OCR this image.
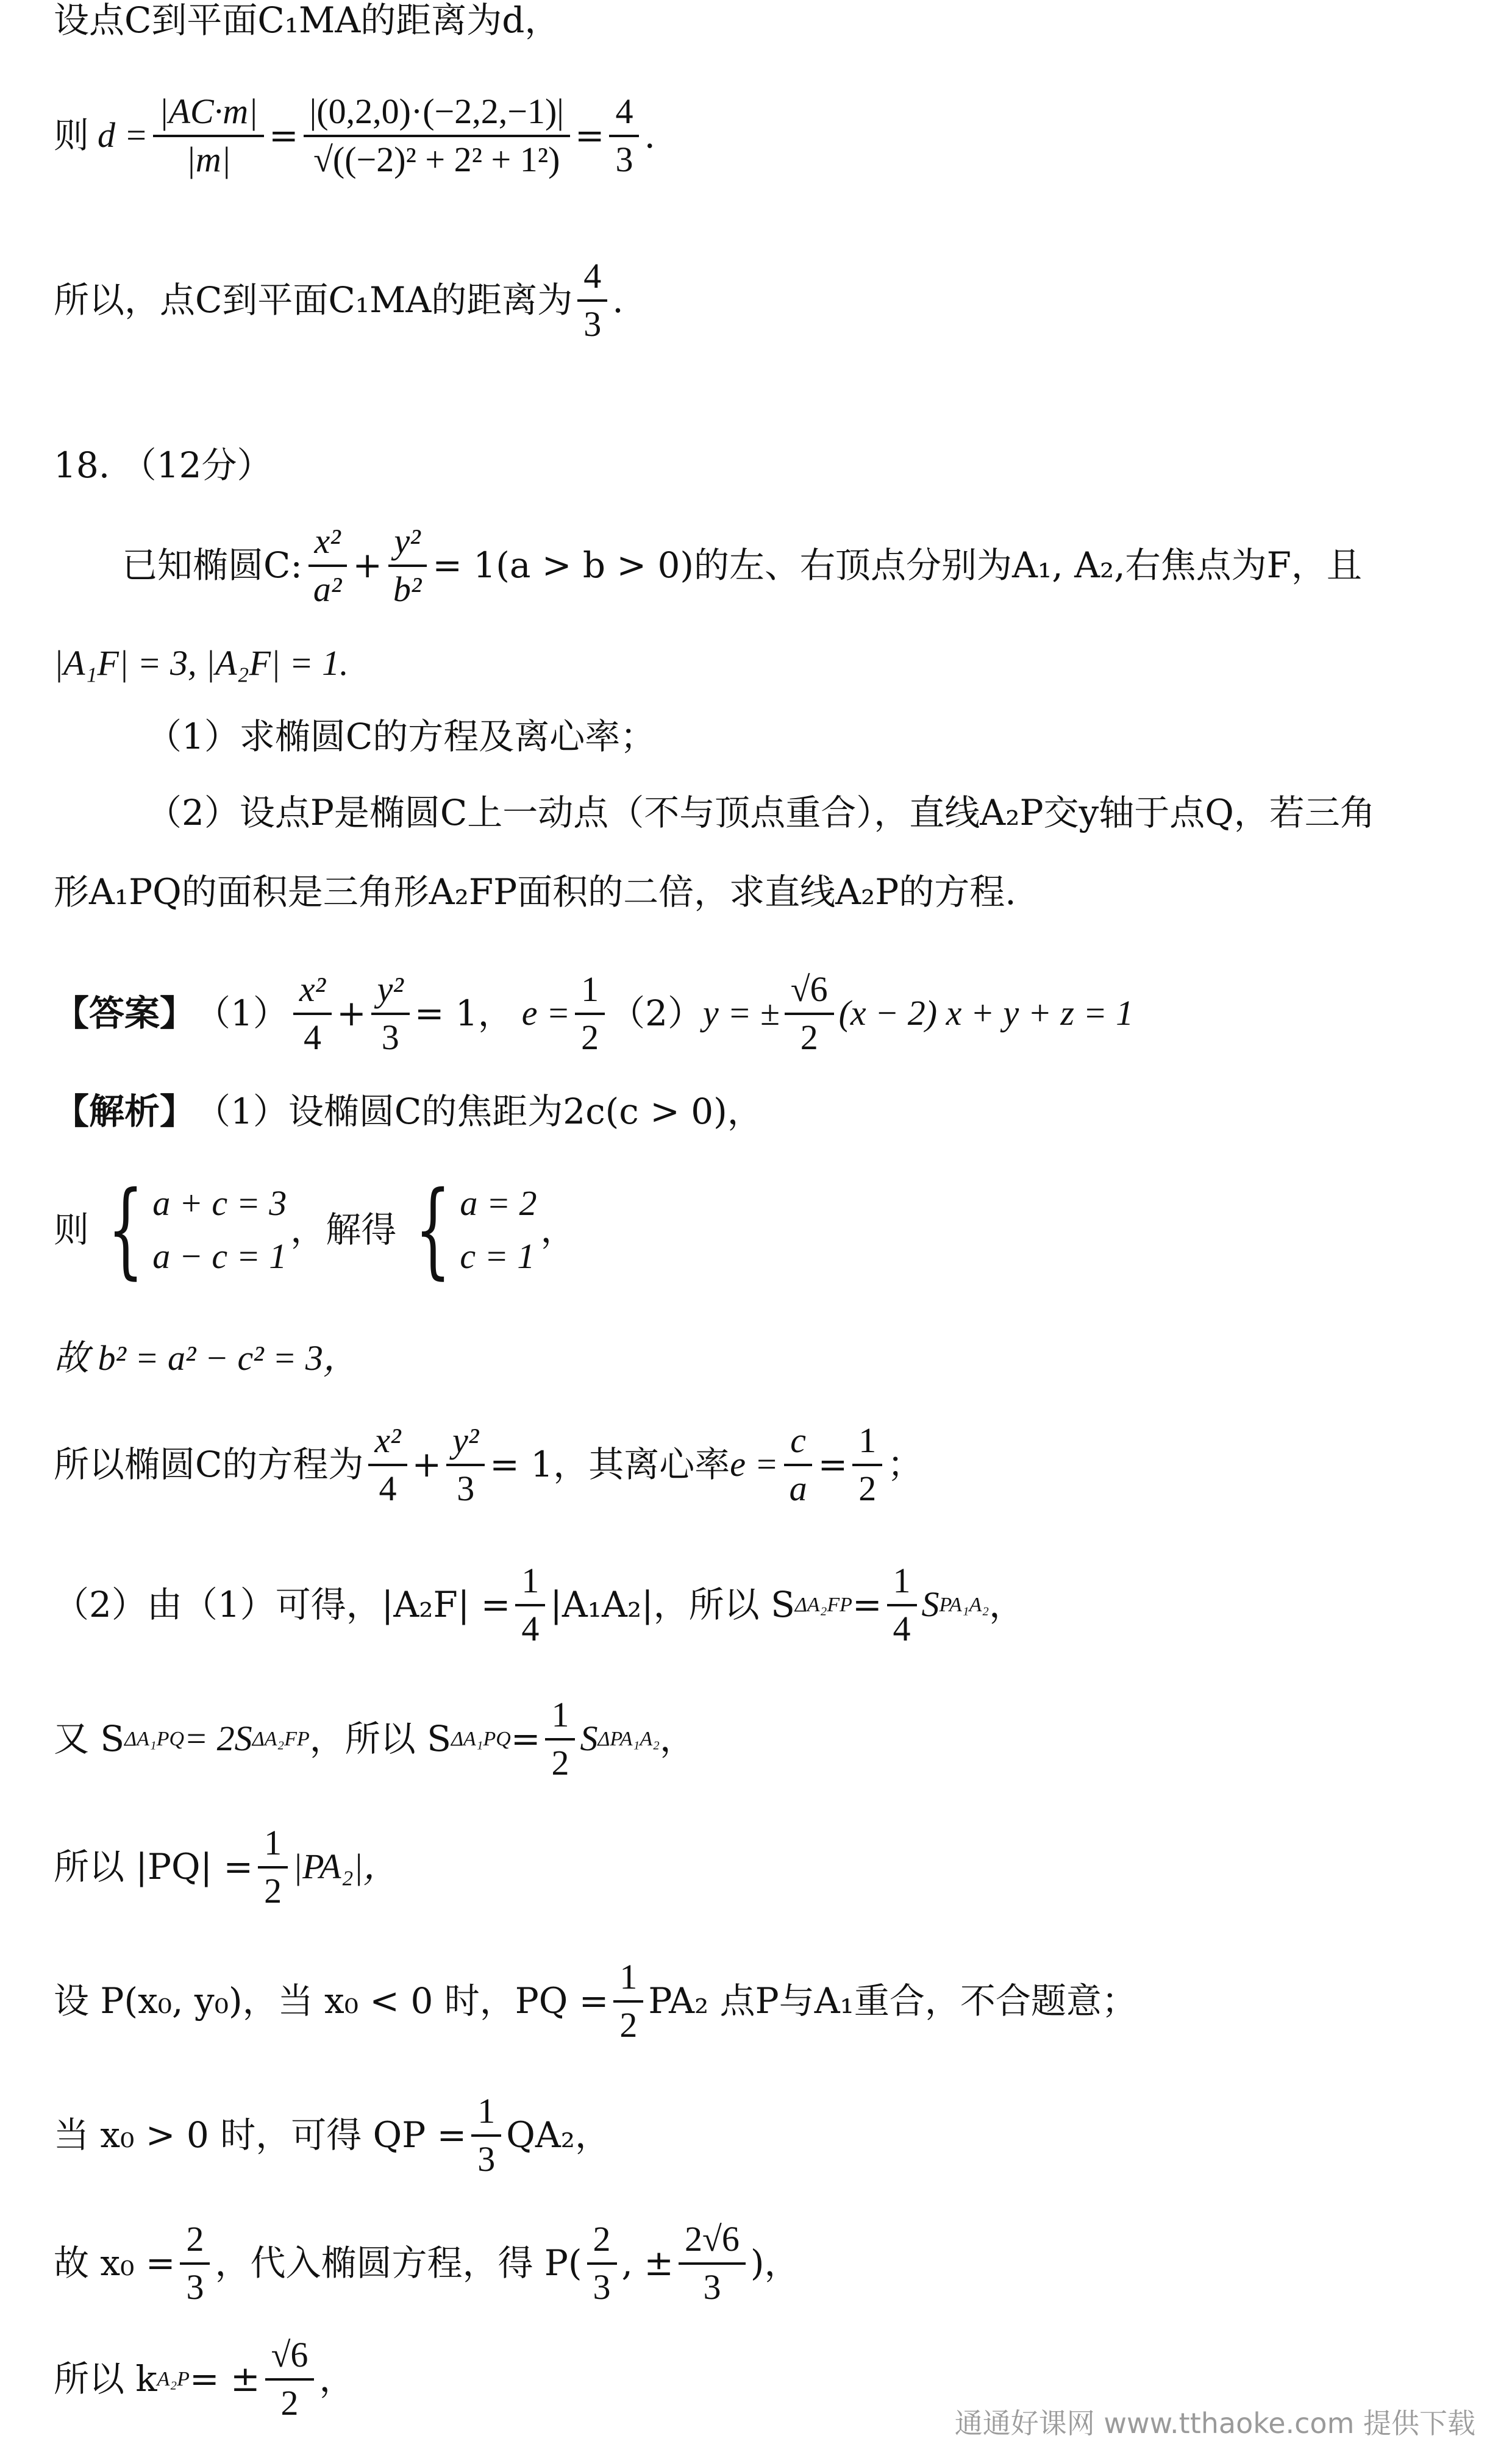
设点C到平面C₁MA的距离为d，
则 $d = \frac{|AC\cdot m|}{|m|} = \frac{|(0,2,0)\cdot(-2,2,-1)|}{\text{√((−2)² + 2² + 1²)}} = \frac{4}{3}$ .
所以，点C到平面C₁MA的距离为 $\frac{4}{3}$ .
18. （12分）
已知椭圆C: $\frac{\text{x²}}{\text{a²}} + \frac{\text{y²}}{\text{b²}} = 1(a > b > 0)$的左、右顶点分别为A₁, A₂,右焦点为F，且
|A₁F| = 3, |A₂F| = 1.
（1）求椭圆C的方程及离心率；
（2）设点P是椭圆C上一动点（不与顶点重合），直线A₂P交y轴于点Q，若三角
形A₁PQ的面积是三角形A₂FP面积的二倍，求直线A₂P的方程.
【答案】 $(1) \frac{\text{x²}}{4} + \frac{\text{y²}}{3} = 1$， $e = \frac{1}{2} (2) y$ = ± $\frac{√6}{2} (x - 2) x + y + z = 1$
【解析】 （1）设椭圆C的焦距为2c(c > 0)，
则 { a + c = 3
a − c = 1
，解得 { a = 2
c = 1
，
故 b² = a² − c² = 3，
所以椭圆C的方程为 $\frac{\text{x²}}{4} + \frac{\text{y²}}{3} = 1$，其离心率 $e = \frac{c}{a} = \frac{1}{2}$ ；
（2）由（1）可得，$|A_2F| = \frac{1}{4} |A_1A_2|$，所以 S $\Delta A_2FP = \frac{1}{4}$ S PA₁A₂ ，
又 S ΔA₁PQ = 2S ΔA₂FP ，所以 S $\Delta A_1PQ = \frac{1}{2}$ S ΔPA₁A₂ ，
所以 $|PQ| = \frac{1}{2} |PA_2|$，
设 P(x₀, y₀)，当 x₀ < 0 时，PQ = $\frac{1}{2} PA_2$ 点P与A₁重合，不合题意；
当 x₀ > 0 时，可得 QP = $\frac{1}{3} QA_2$，
故 $x_0 = \frac{2}{3}$ ，代入椭圆方程，得 $P( \frac{2}{3}$ , ± $\frac{2√6}{3}$ )，
所以 k A₂P = ± $\frac{√6}{2}$ ，
通通好课网 www.tthaoke.com 提供下载
